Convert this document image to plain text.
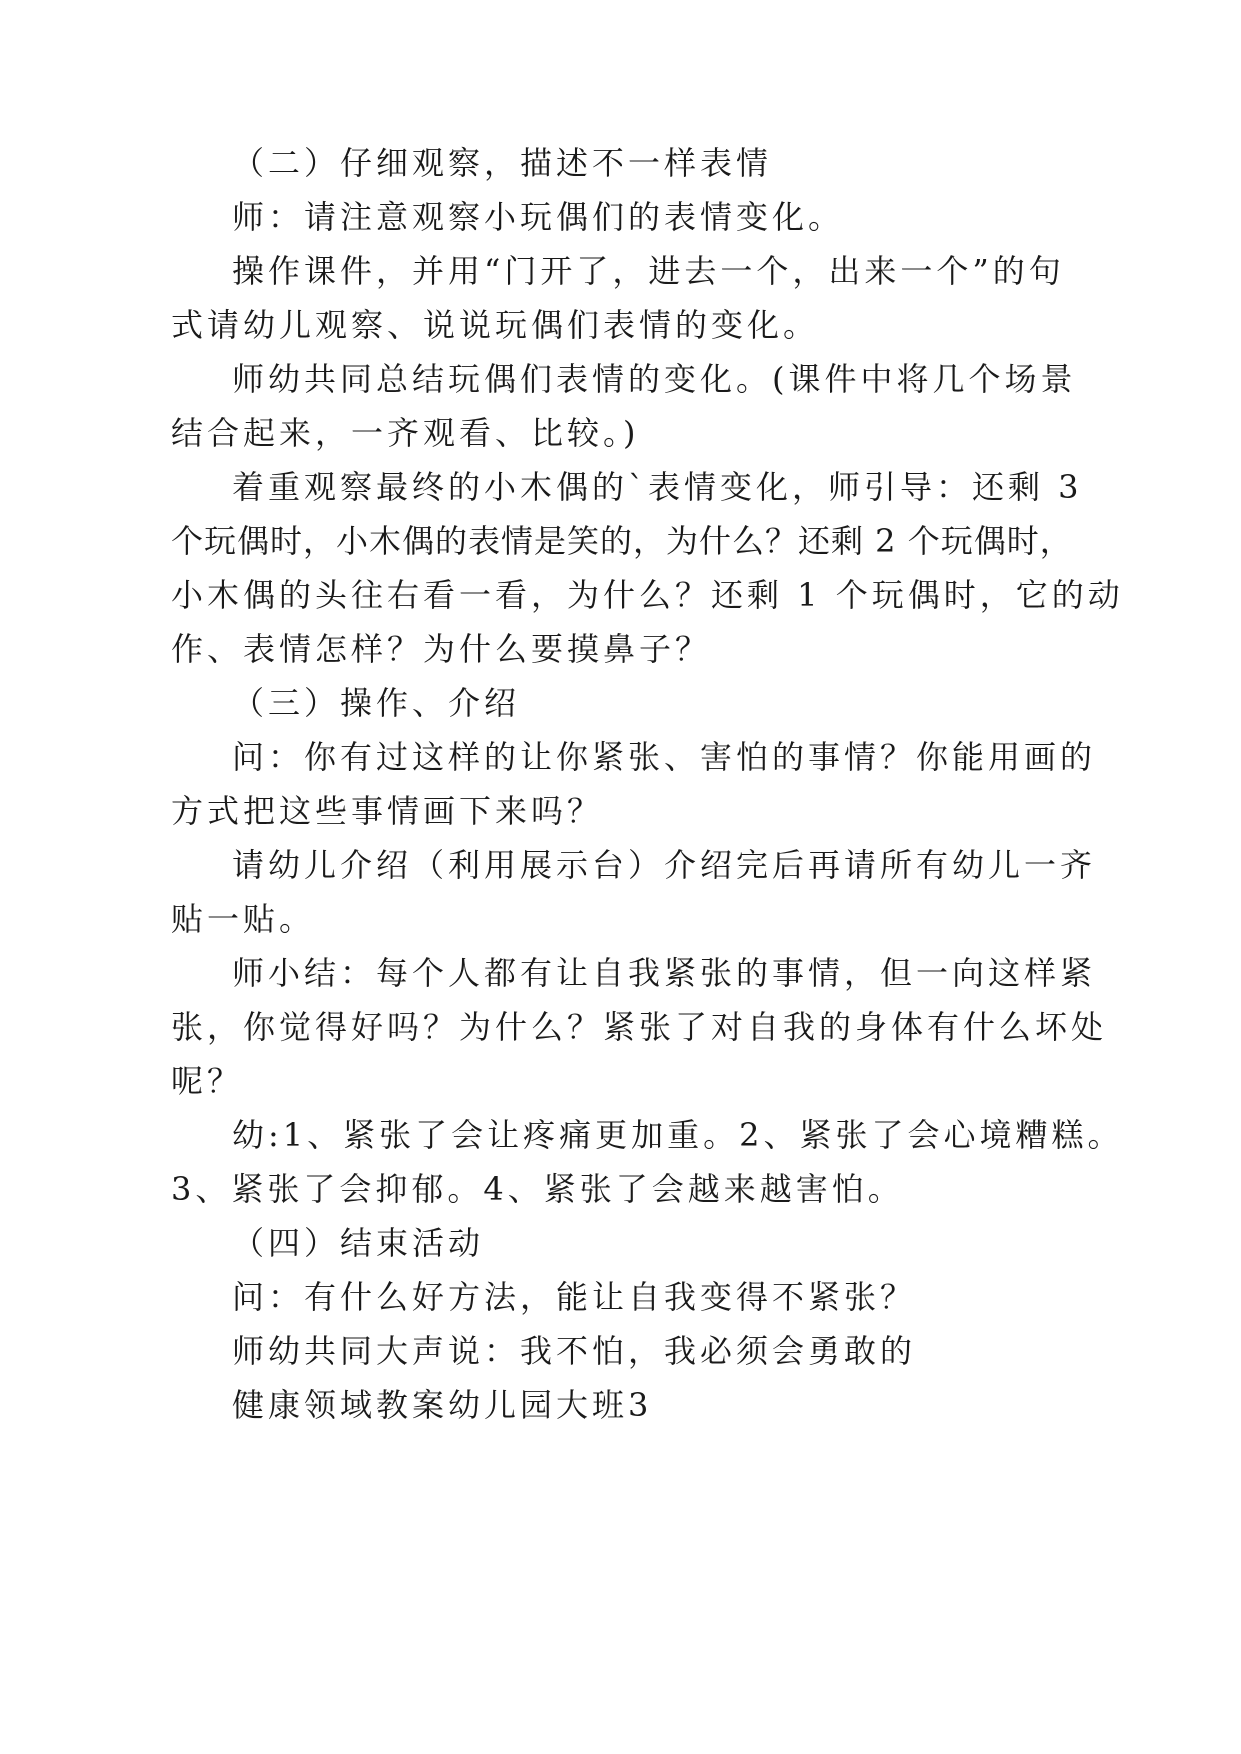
（二）仔细观察，描述不一样表情
师：请注意观察小玩偶们的表情变化。
操作课件，并用“门开了，进去一个，出来一个”的句
式请幼儿观察、说说玩偶们表情的变化。
师幼共同总结玩偶们表情的变化。(课件中将几个场景
结合起来，一齐观看、比较。)
着重观察最终的小木偶的`表情变化，师引导：还剩 3
个玩偶时，小木偶的表情是笑的，为什么？还剩 2 个玩偶时，
小木偶的头往右看一看，为什么？还剩 1 个玩偶时，它的动
作、表情怎样？为什么要摸鼻子？
（三）操作、介绍
问：你有过这样的让你紧张、害怕的事情？你能用画的
方式把这些事情画下来吗？
请幼儿介绍（利用展示台）介绍完后再请所有幼儿一齐
贴一贴。
师小结：每个人都有让自我紧张的事情，但一向这样紧
张，你觉得好吗？为什么？紧张了对自我的身体有什么坏处
呢？
幼:1、紧张了会让疼痛更加重。2、紧张了会心境糟糕。
3、紧张了会抑郁。4、紧张了会越来越害怕。
（四）结束活动
问：有什么好方法，能让自我变得不紧张？
师幼共同大声说：我不怕，我必须会勇敢的
健康领域教案幼儿园大班3
